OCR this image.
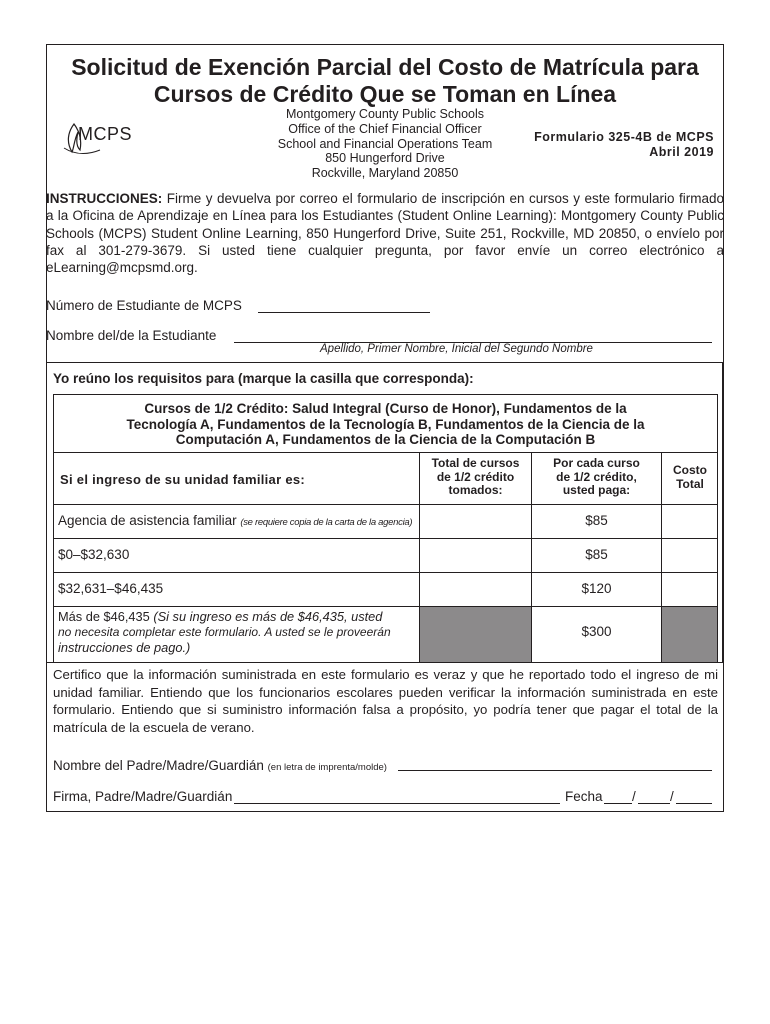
Solicitud de Exención Parcial del Costo de Matrícula para
Cursos de Crédito Que se Toman en Línea
MCPS
Montgomery County Public Schools
Office of the Chief Financial Officer
School and Financial Operations Team
850 Hungerford Drive
Rockville, Maryland 20850
Formulario 325-4B de MCPS
Abril 2019
INSTRUCCIONES: Firme y devuelva por correo el formulario de inscripción en cursos y este formulario firmado a la Oficina de Aprendizaje en Línea para los Estudiantes (Student Online Learning): Montgomery County Public Schools (MCPS) Student Online Learning, 850 Hungerford Drive, Suite 251, Rockville, MD 20850, o envíelo por fax al 301-279-3679. Si usted tiene cualquier pregunta, por favor envíe un correo electrónico a eLearning@mcpsmd.org.
Número de Estudiante de MCPS
Nombre del/de la Estudiante
Apellido, Primer Nombre, Inicial del Segundo Nombre
Yo reúno los requisitos para (marque la casilla que corresponda):
Cursos de 1/2 Crédito: Salud Integral (Curso de Honor), Fundamentos de la
Tecnología A, Fundamentos de la Tecnología B, Fundamentos de la Ciencia de la
Computación A, Fundamentos de la Ciencia de la Computación B
Si el ingreso de su unidad familiar es:
Total de cursos
de 1/2 crédito
tomados:
Por cada curso
de 1/2 crédito,
usted paga:
Costo
Total
Agencia de asistencia familiar (se requiere copia de la carta de la agencia)	$85
$0–$32,630	$85
$32,631–$46,435	$120
Más de $46,435 (Si su ingreso es más de $46,435, usted
no necesita completar este formulario. A usted se le proveerán
instrucciones de pago.)
$300
Certifico que la información suministrada en este formulario es veraz y que he reportado todo el ingreso de mi unidad familiar. Entiendo que los funcionarios escolares pueden verificar la información suministrada en este formulario. Entiendo que si suministro información falsa a propósito, yo podría tener que pagar el total de la matrícula de la escuela de verano.
Nombre del Padre/Madre/Guardián (en letra de imprenta/molde)
Firma, Padre/Madre/Guardián	Fecha /	/
